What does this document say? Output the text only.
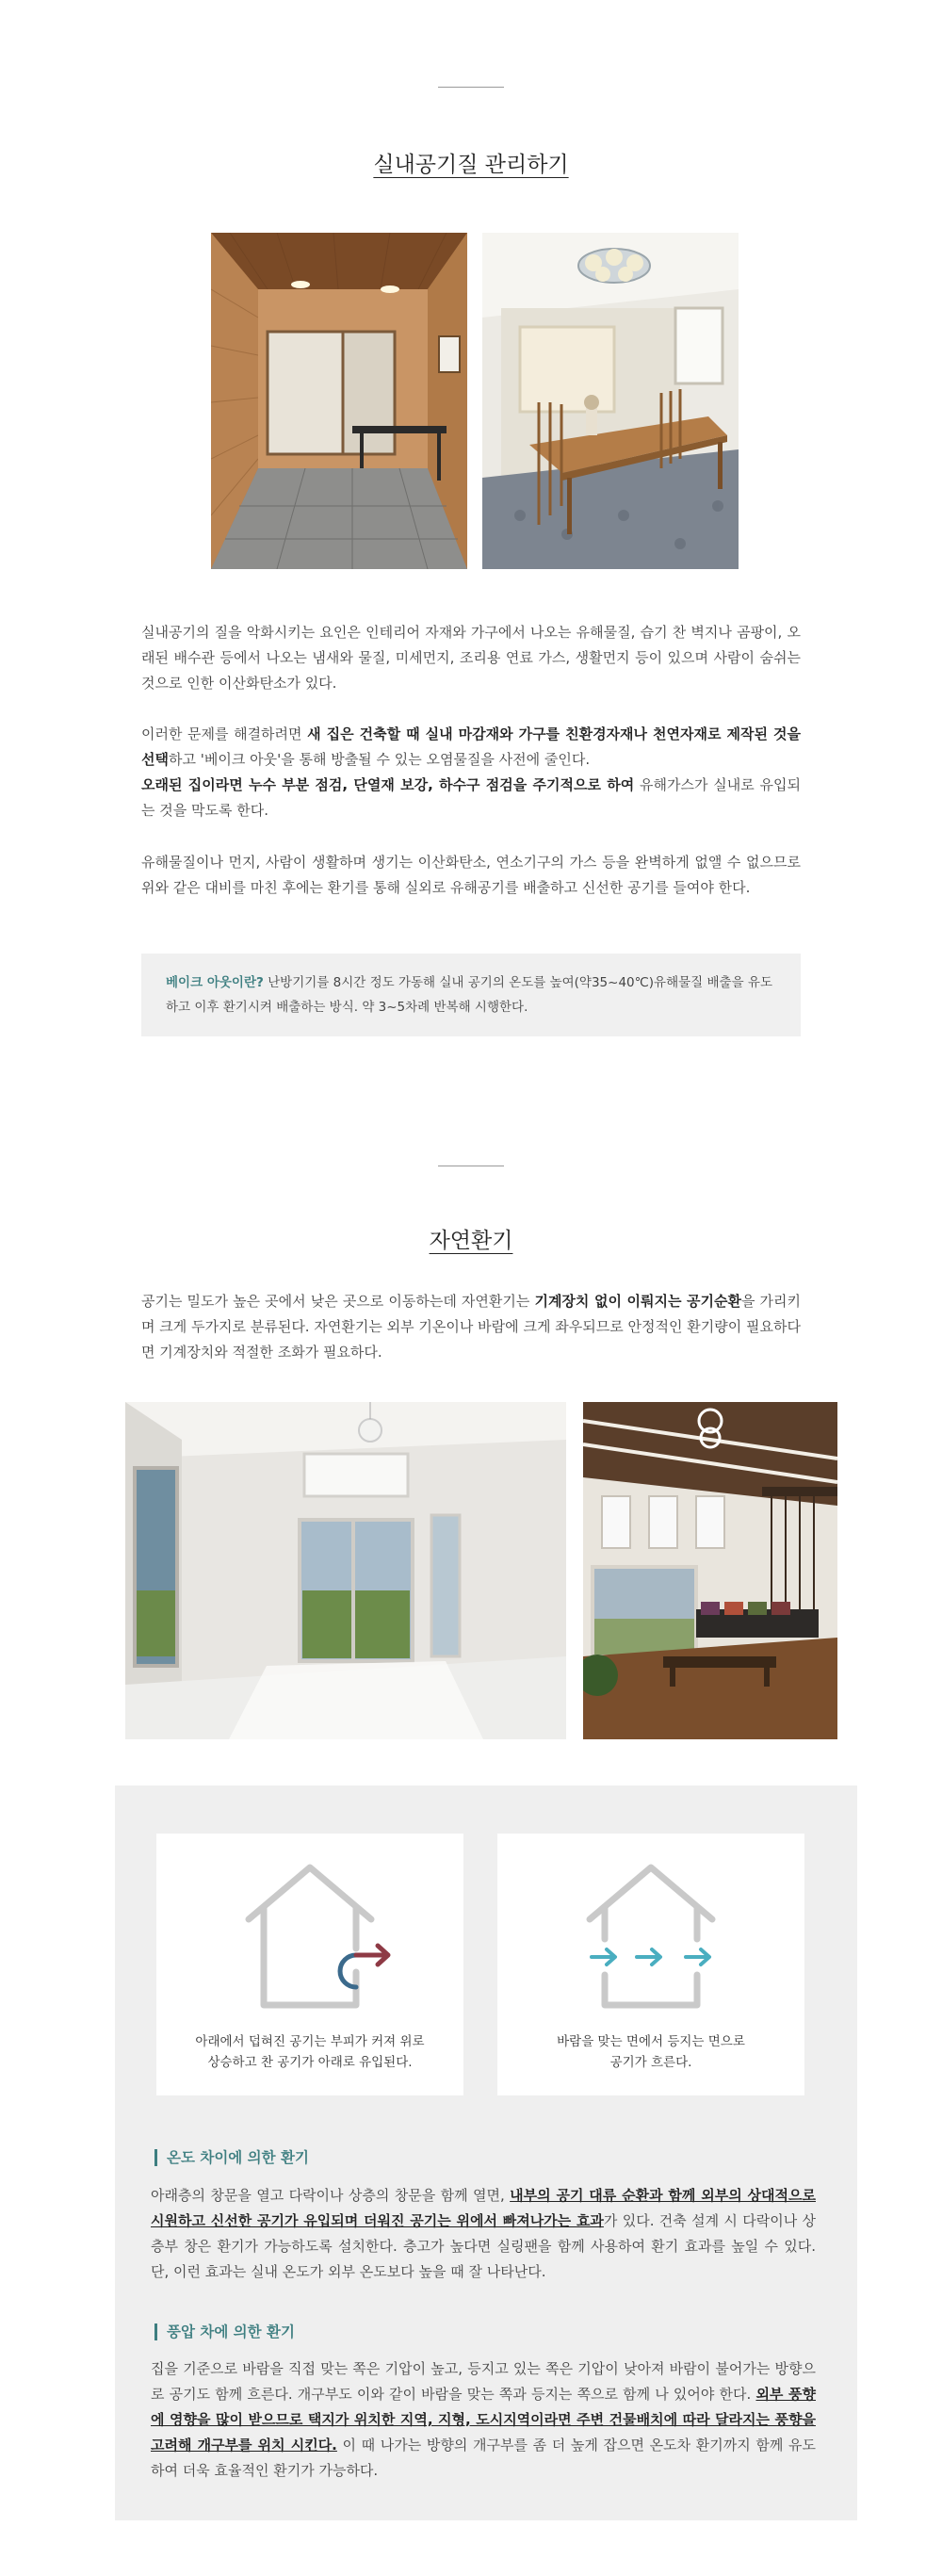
실내공기질 관리하기

실내공기의 질을 악화시키는 요인은 인테리어 자재와 가구에서 나오는 유해물질, 습기 찬 벽지나 곰팡이, 오래된 배수관 등에서 나오는 냄새와 물질, 미세먼지, 조리용 연료 가스, 생활먼지 등이 있으며 사람이 숨쉬는 것으로 인한 이산화탄소가 있다.

이러한 문제를 해결하려면 새 집은 건축할 때 실내 마감재와 가구를 친환경자재나 천연자재로 제작된 것을 선택하고 '베이크 아웃'을 통해 방출될 수 있는 오염물질을 사전에 줄인다.
오래된 집이라면 누수 부분 점검, 단열재 보강, 하수구 점검을 주기적으로 하여 유해가스가 실내로 유입되는 것을 막도록 한다.

유해물질이나 먼지, 사람이 생활하며 생기는 이산화탄소, 연소기구의 가스 등을 완벽하게 없앨 수 없으므로 위와 같은 대비를 마친 후에는 환기를 통해 실외로 유해공기를 배출하고 신선한 공기를 들여야 한다.

베이크 아웃이란? 난방기기를 8시간 정도 가동해 실내 공기의 온도를 높여(약35~40℃)유해물질 배출을 유도하고 이후 환기시켜 배출하는 방식. 약 3~5차례 반복해 시행한다.
자연환기

공기는 밀도가 높은 곳에서 낮은 곳으로 이동하는데 자연환기는 기계장치 없이 이뤄지는 공기순환을 가리키며 크게 두가지로 분류된다. 자연환기는 외부 기온이나 바람에 크게 좌우되므로 안정적인 환기량이 필요하다면 기계장치와 적절한 조화가 필요하다.

아래에서 덥혀진 공기는 부피가 커져 위로
상승하고 찬 공기가 아래로 유입된다.
바람을 맞는 면에서 등지는 면으로
공기가 흐른다.
온도 차이에 의한 환기

아래층의 창문을 열고 다락이나 상층의 창문을 함께 열면, 내부의 공기 대류 순환과 함께 외부의 상대적으로 시원하고 신선한 공기가 유입되며 더워진 공기는 위에서 빠져나가는 효과가 있다. 건축 설계 시 다락이나 상층부 창은 환기가 가능하도록 설치한다. 층고가 높다면 실링팬을 함께 사용하여 환기 효과를 높일 수 있다. 단, 이런 효과는 실내 온도가 외부 온도보다 높을 때 잘 나타난다.

풍압 차에 의한 환기

집을 기준으로 바람을 직접 맞는 쪽은 기압이 높고, 등지고 있는 쪽은 기압이 낮아져 바람이 불어가는 방향으로 공기도 함께 흐른다. 개구부도 이와 같이 바람을 맞는 쪽과 등지는 쪽으로 함께 나 있어야 한다. 외부 풍향에 영향을 많이 받으므로 택지가 위치한 지역, 지형, 도시지역이라면 주변 건물배치에 따라 달라지는 풍향을 고려해 개구부를 위치 시킨다. 이 때 나가는 방향의 개구부를 좀 더 높게 잡으면 온도차 환기까지 함께 유도하여 더욱 효율적인 환기가 가능하다.
